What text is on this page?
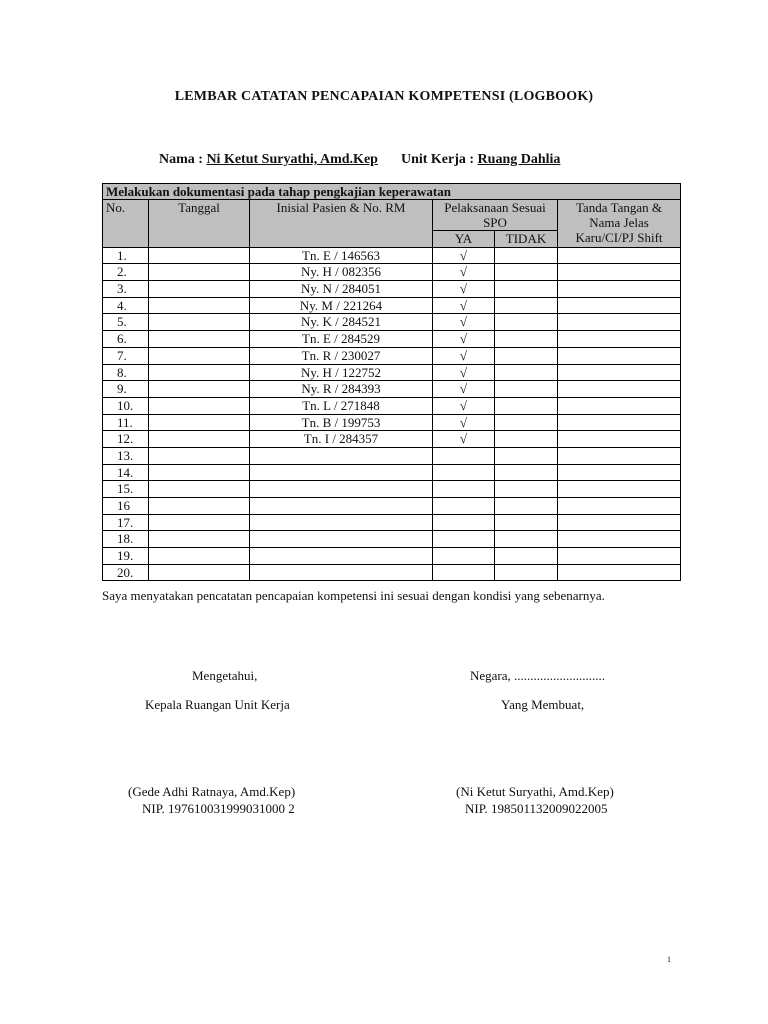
LEMBAR CATATAN PENCAPAIAN KOMPETENSI (LOGBOOK)
Nama : Ni Ketut Suryathi, Amd.Kep Unit Kerja : Ruang Dahlia
Melakukan dokumentasi pada tahap pengkajian keperawatan					
No.	Tanggal	Inisial Pasien & No. RM	Pelaksanaan Sesuai SPO		Tanda Tangan & Nama Jelas Karu/CI/PJ Shift

			YA	TIDAK	
1.		Tn. E / 146563	√		
2.		Ny. H / 082356	√		
3.		Ny. N / 284051	√		
4.		Ny. M / 221264	√		
5.		Ny. K / 284521	√		
6.		Tn. E / 284529	√		
7.		Tn. R / 230027	√		
8.		Ny. H / 122752	√		
9.		Ny. R / 284393	√		
10.		Tn. L / 271848	√		
11.		Tn. B / 199753	√		
12.		Tn. I / 284357	√		
13.					
14.					
15.					
16					
17.					
18.					
19.					
20.					
Saya menyatakan pencatatan pencapaian kompetensi ini sesuai dengan kondisi yang sebenarnya.
Mengetahui,
Kepala Ruangan Unit Kerja
(Gede Adhi Ratnaya, Amd.Kep)
NIP. 197610031999031000 2
Negara, ............................
Yang Membuat,
(Ni Ketut Suryathi, Amd.Kep)
NIP. 198501132009022005
1
